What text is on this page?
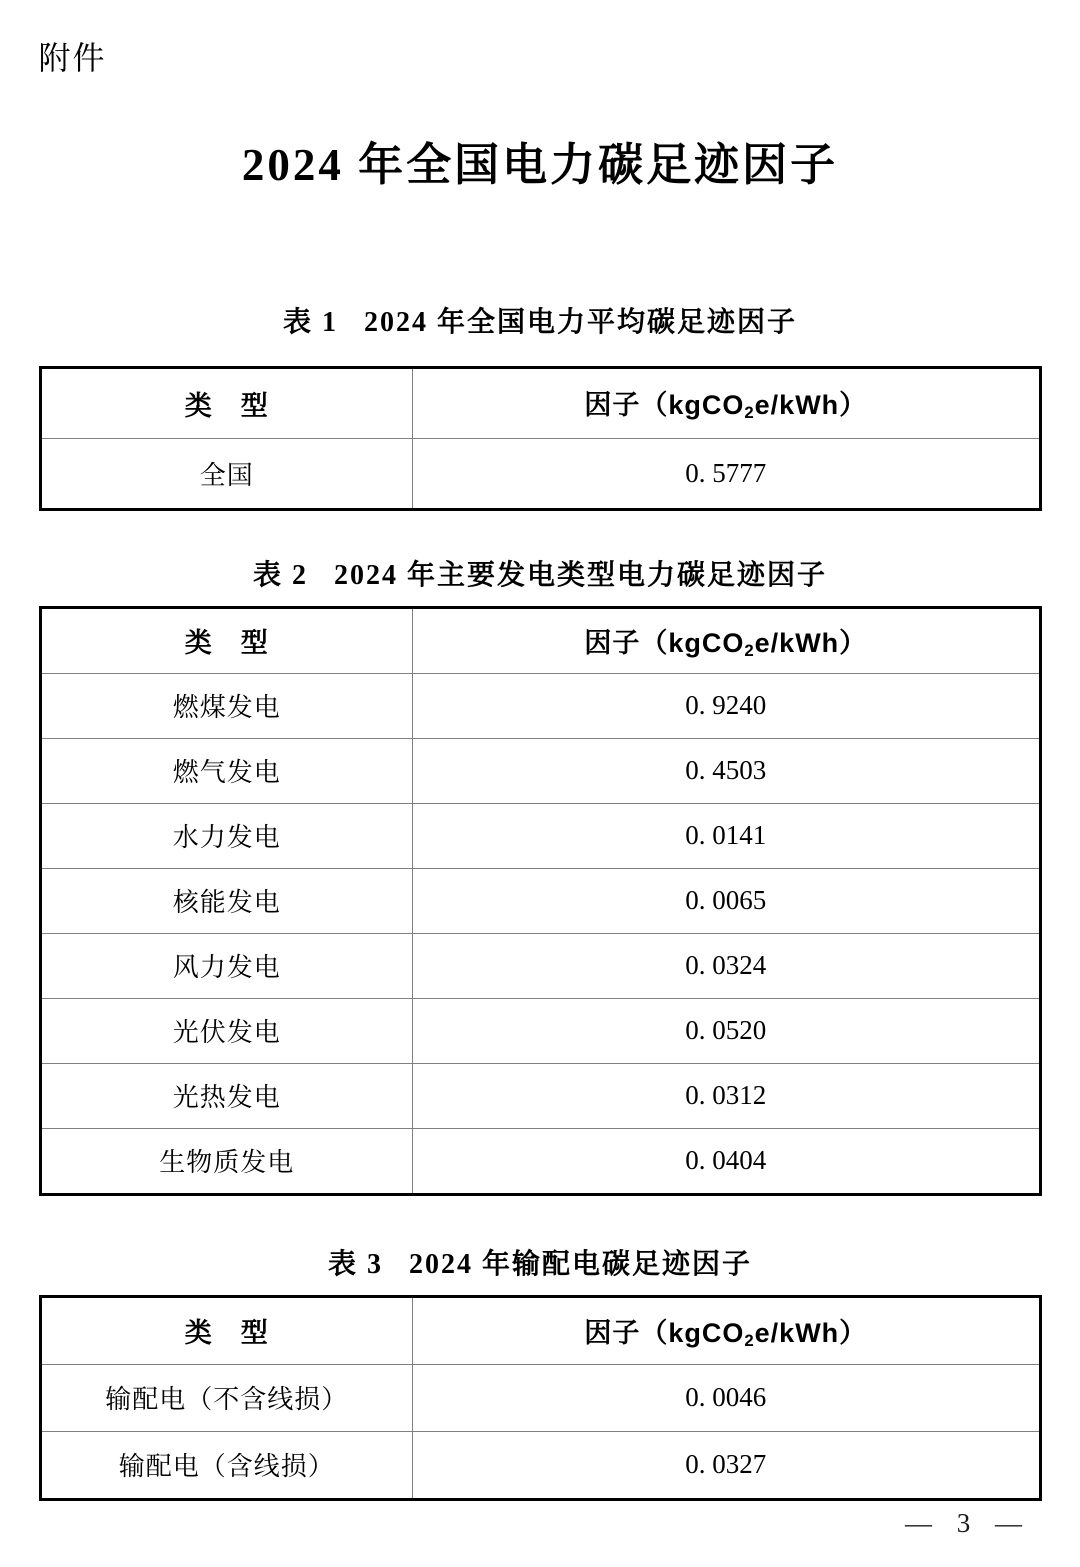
附件
2024 年全国电力碳足迹因子
表 1 2024 年全国电力平均碳足迹因子
类　型	因子（kgCO$_2$e/kWh）
全国	0. 5777
表 2 2024 年主要发电类型电力碳足迹因子
类　型	因子（kgCO$_2$e/kWh）
燃煤发电	0. 9240
燃气发电	0. 4503
水力发电	0. 0141
核能发电	0. 0065
风力发电	0. 0324
光伏发电	0. 0520
光热发电	0. 0312
生物质发电	0. 0404
表 3 2024 年输配电碳足迹因子
类　型	因子（kgCO$_2$e/kWh）
输配电（不含线损）	0. 0046
输配电（含线损）	0. 0327
— 3 —
